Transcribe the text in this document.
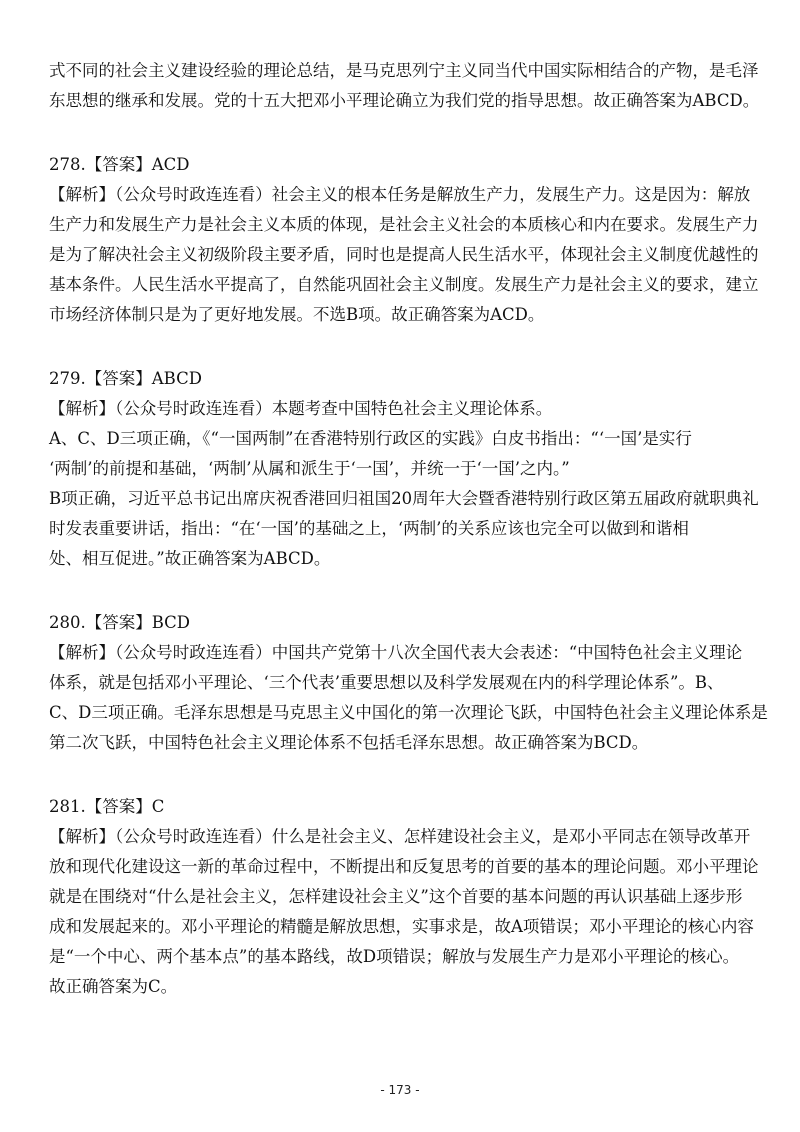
式不同的社会主义建设经验的理论总结，是马克思列宁主义同当代中国实际相结合的产物，是毛泽
东思想的继承和发展。党的十五大把邓小平理论确立为我们党的指导思想。故正确答案为ABCD。
278.【答案】ACD
【解析】（公众号时政连连看）社会主义的根本任务是解放生产力，发展生产力。这是因为：解放
生产力和发展生产力是社会主义本质的体现，是社会主义社会的本质核心和内在要求。发展生产力
是为了解决社会主义初级阶段主要矛盾，同时也是提高人民生活水平，体现社会主义制度优越性的
基本条件。人民生活水平提高了，自然能巩固社会主义制度。发展生产力是社会主义的要求，建立
市场经济体制只是为了更好地发展。不选B项。故正确答案为ACD。
279.【答案】ABCD
【解析】（公众号时政连连看）本题考查中国特色社会主义理论体系。
A、C、D三项正确，《“一国两制”在香港特别行政区的实践》白皮书指出：“‘一国’是实行
‘两制’的前提和基础，‘两制’从属和派生于‘一国’，并统一于‘一国’之内。”
B项正确，习近平总书记出席庆祝香港回归祖国20周年大会暨香港特别行政区第五届政府就职典礼
时发表重要讲话，指出：“在‘一国’的基础之上，‘两制’的关系应该也完全可以做到和谐相
处、相互促进。”故正确答案为ABCD。
280.【答案】BCD
【解析】（公众号时政连连看）中国共产党第十八次全国代表大会表述：“中国特色社会主义理论
体系，就是包括邓小平理论、‘三个代表’重要思想以及科学发展观在内的科学理论体系”。B、
C、D三项正确。毛泽东思想是马克思主义中国化的第一次理论飞跃，中国特色社会主义理论体系是
第二次飞跃，中国特色社会主义理论体系不包括毛泽东思想。故正确答案为BCD。
281.【答案】C
【解析】（公众号时政连连看）什么是社会主义、怎样建设社会主义，是邓小平同志在领导改革开
放和现代化建设这一新的革命过程中，不断提出和反复思考的首要的基本的理论问题。邓小平理论
就是在围绕对“什么是社会主义，怎样建设社会主义”这个首要的基本问题的再认识基础上逐步形
成和发展起来的。邓小平理论的精髓是解放思想，实事求是，故A项错误；邓小平理论的核心内容
是“一个中心、两个基本点”的基本路线，故D项错误；解放与发展生产力是邓小平理论的核心。
故正确答案为C。
- 173 -
